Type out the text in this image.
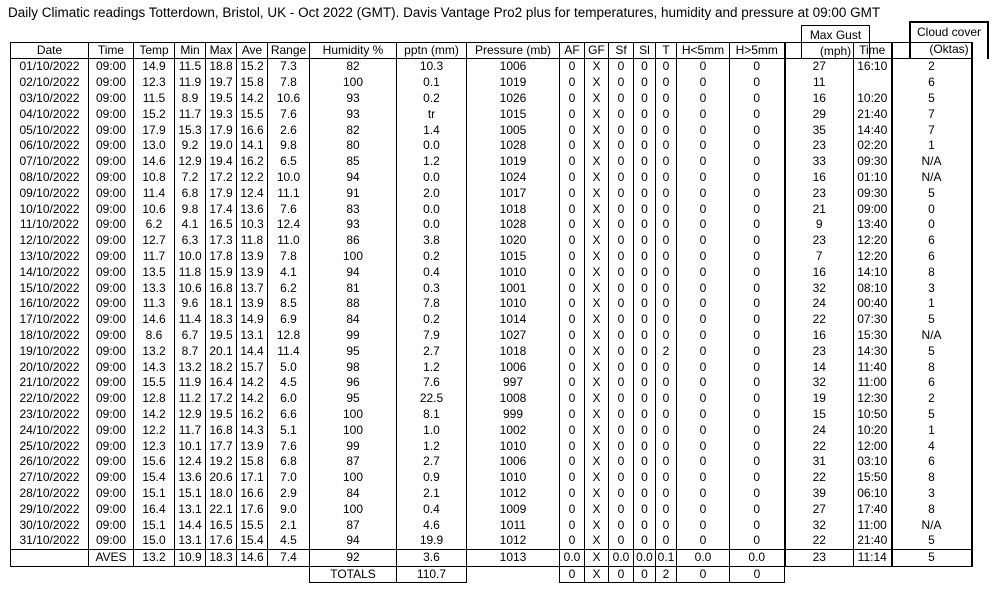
Daily Climatic readings Totterdown, Bristol, UK - Oct 2022 (GMT). Davis Vantage Pro2 plus for temperatures, humidity and pressure at 09:00 GMT
Max Gust
(mph)
Cloud cover
(Oktas)
Date	Time	Temp	Min	Max	Ave	Range	Humidity %	pptn (mm)	Pressure (mb)	AF	GF	Sf	Sl	T	H<5mm	H>5mm		Time	
01/10/2022	09:00	14.9	11.5	18.8	15.2	7.3	82	10.3	1006	0	X	0	0	0	0	0	27	16:10	2
02/10/2022	09:00	12.3	11.9	19.7	15.8	7.8	100	0.1	1019	0	X	0	0	0	0	0	11		6
03/10/2022	09:00	11.5	8.9	19.5	14.2	10.6	93	0.2	1026	0	X	0	0	0	0	0	16	10:20	5
04/10/2022	09:00	15.2	11.7	19.3	15.5	7.6	93	tr	1015	0	X	0	0	0	0	0	29	21:40	7
05/10/2022	09:00	17.9	15.3	17.9	16.6	2.6	82	1.4	1005	0	X	0	0	0	0	0	35	14:40	7
06/10/2022	09:00	13.0	9.2	19.0	14.1	9.8	80	0.0	1028	0	X	0	0	0	0	0	23	02:20	1
07/10/2022	09:00	14.6	12.9	19.4	16.2	6.5	85	1.2	1019	0	X	0	0	0	0	0	33	09:30	N/A
08/10/2022	09:00	10.8	7.2	17.2	12.2	10.0	94	0.0	1024	0	X	0	0	0	0	0	16	01:10	N/A
09/10/2022	09:00	11.4	6.8	17.9	12.4	11.1	91	2.0	1017	0	X	0	0	0	0	0	23	09:30	5
10/10/2022	09:00	10.6	9.8	17.4	13.6	7.6	83	0.0	1018	0	X	0	0	0	0	0	21	09:00	0
11/10/2022	09:00	6.2	4.1	16.5	10.3	12.4	93	0.0	1028	0	X	0	0	0	0	0	9	13:40	0
12/10/2022	09:00	12.7	6.3	17.3	11.8	11.0	86	3.8	1020	0	X	0	0	0	0	0	23	12:20	6
13/10/2022	09:00	11.7	10.0	17.8	13.9	7.8	100	0.2	1015	0	X	0	0	0	0	0	7	12:20	6
14/10/2022	09:00	13.5	11.8	15.9	13.9	4.1	94	0.4	1010	0	X	0	0	0	0	0	16	14:10	8
15/10/2022	09:00	13.3	10.6	16.8	13.7	6.2	81	0.3	1001	0	X	0	0	0	0	0	32	08:10	3
16/10/2022	09:00	11.3	9.6	18.1	13.9	8.5	88	7.8	1010	0	X	0	0	0	0	0	24	00:40	1
17/10/2022	09:00	14.6	11.4	18.3	14.9	6.9	84	0.2	1014	0	X	0	0	0	0	0	22	07:30	5
18/10/2022	09:00	8.6	6.7	19.5	13.1	12.8	99	7.9	1027	0	X	0	0	0	0	0	16	15:30	N/A
19/10/2022	09:00	13.2	8.7	20.1	14.4	11.4	95	2.7	1018	0	X	0	0	2	0	0	23	14:30	5
20/10/2022	09:00	14.3	13.2	18.2	15.7	5.0	98	1.2	1006	0	X	0	0	0	0	0	14	11:40	8
21/10/2022	09:00	15.5	11.9	16.4	14.2	4.5	96	7.6	997	0	X	0	0	0	0	0	32	11:00	6
22/10/2022	09:00	12.8	11.2	17.2	14.2	6.0	95	22.5	1008	0	X	0	0	0	0	0	19	12:30	2
23/10/2022	09:00	14.2	12.9	19.5	16.2	6.6	100	8.1	999	0	X	0	0	0	0	0	15	10:50	5
24/10/2022	09:00	12.2	11.7	16.8	14.3	5.1	100	1.0	1002	0	X	0	0	0	0	0	24	10:20	1
25/10/2022	09:00	12.3	10.1	17.7	13.9	7.6	99	1.2	1010	0	X	0	0	0	0	0	22	12:00	4
26/10/2022	09:00	15.6	12.4	19.2	15.8	6.8	87	2.7	1006	0	X	0	0	0	0	0	31	03:10	6
27/10/2022	09:00	15.4	13.6	20.6	17.1	7.0	100	0.9	1010	0	X	0	0	0	0	0	22	15:50	8
28/10/2022	09:00	15.1	15.1	18.0	16.6	2.9	84	2.1	1012	0	X	0	0	0	0	0	39	06:10	3
29/10/2022	09:00	16.4	13.1	22.1	17.6	9.0	100	0.4	1009	0	X	0	0	0	0	0	27	17:40	8
30/10/2022	09:00	15.1	14.4	16.5	15.5	2.1	87	4.6	1011	0	X	0	0	0	0	0	32	11:00	N/A
31/10/2022	09:00	15.0	13.1	17.6	15.4	4.5	94	19.9	1012	0	X	0	0	0	0	0	22	21:40	5
	AVES	13.2	10.9	18.3	14.6	7.4	92	3.6	1013	0.0	X	0.0	0.0	0.1	0.0	0.0	23	11:14	5
							TOTALS	110.7		0	X	0	0	2	0	0			
